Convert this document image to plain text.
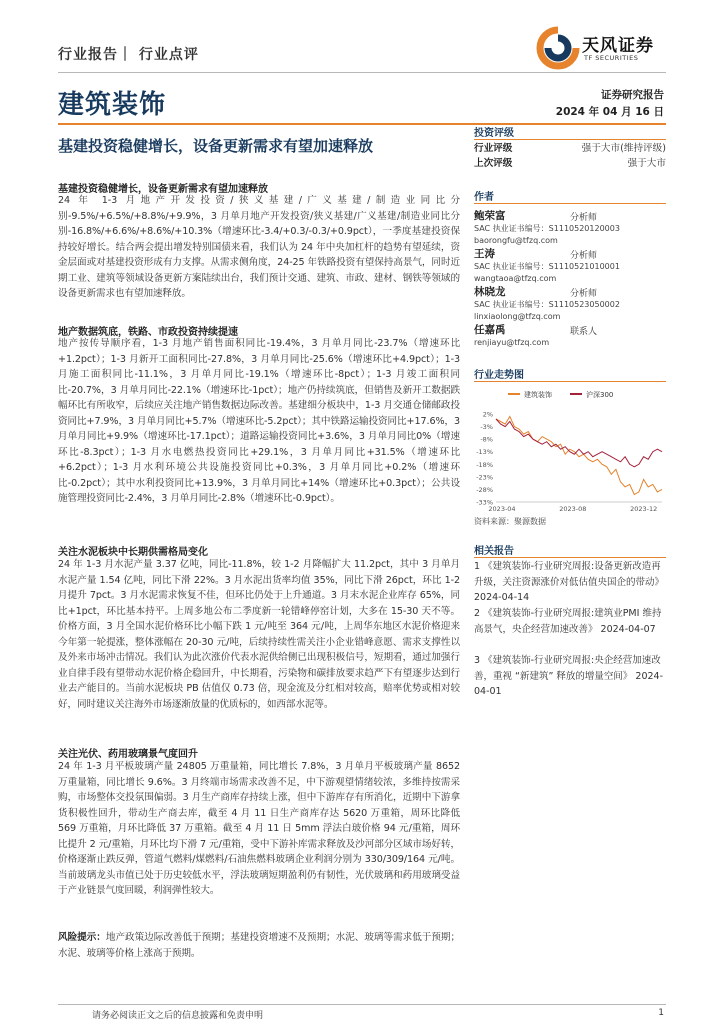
行业报告｜ 行业点评	天风证券
TF SECURITIES
建筑装饰	证券研究报告
2024 年 04 月 16 日
基建投资稳健增长，设备更新需求有望加速释放
基建投资稳健增长，设备更新需求有望加速释放
24 年 1-3 月地产开发投资/狭义基建/广义基建/制造业同比分别-9.5%/+6.5%/+8.8%/+9.9%，3 月单月地产开发投资/狭义基建/广义基建/制造业同比分别-16.8%/+6.6%/+8.6%/+10.3%（增速环比-3.4/+0.3/-0.3/+0.9pct），一季度基建投资保持较好增长。结合两会提出增发特别国债来看，我们认为 24 年中央加杠杆的趋势有望延续，资金层面或对基建投资形成有力支撑。从需求侧角度，24-25 年铁路投资有望保持高景气，同时近期工业、建筑等领域设备更新方案陆续出台，我们预计交通、建筑、市政、建材、钢铁等领域的设备更新需求也有望加速释放。
地产数据筑底，铁路、市政投资持续提速
地产按传导顺序看，1-3 月地产销售面积同比-19.4%，3 月单月同比-23.7%（增速环比+1.2pct）；1-3 月新开工面积同比-27.8%，3 月单月同比-25.6%（增速环比+4.9pct）；1-3 月施工面积同比-11.1%，3 月单月同比-19.1%（增速环比-8pct）；1-3 月竣工面积同比-20.7%，3 月单月同比-22.1%（增速环比-1pct）；地产仍持续筑底，但销售及新开工数据跌幅环比有所收窄，后续应关注地产销售数据边际改善。基建细分板块中，1-3 月交通仓储邮政投资同比+7.9%，3 月单月同比+5.7%（增速环比-5.2pct）；其中铁路运输投资同比+17.6%，3 月单月同比+9.9%（增速环比-17.1pct）；道路运输投资同比+3.6%，3 月单月同比0%（增速环比-8.3pct）；1-3 月水电燃热投资同比+29.1%，3 月单月同比+31.5%（增速环比+6.2pct）；1-3 月水利环境公共设施投资同比+0.3%，3 月单月同比+0.2%（增速环比-0.2pct）；其中水利投资同比+13.9%，3 月单月同比+14%（增速环比+0.3pct）；公共设施管理投资同比-2.4%，3 月单月同比-2.8%（增速环比-0.9pct）。
关注水泥板块中长期供需格局变化
24 年 1-3 月水泥产量 3.37 亿吨，同比-11.8%，较 1-2 月降幅扩大 11.2pct，其中 3 月单月水泥产量 1.54 亿吨，同比下滑 22%。3 月水泥出货率均值 35%，同比下滑 26pct，环比 1-2 月提升 7pct。3 月水泥需求恢复不佳，但环比仍处于上升通道。3 月末水泥企业库存 65%，同比+1pct，环比基本持平。上周多地公布二季度新一轮错峰停窑计划，大多在 15-30 天不等。价格方面，3 月全国水泥价格环比小幅下跌 1 元/吨至 364 元/吨，上周华东地区水泥价格迎来今年第一轮提涨，整体涨幅在 20-30 元/吨，后续持续性需关注小企业错峰意愿、需求支撑性以及外来市场冲击情况。我们认为此次涨价代表水泥供给侧已出现积极信号，短期看，通过加强行业自律手段有望带动水泥价格企稳回升，中长期看，污染物和碳排放要求趋严下有望逐步达到行业去产能目的。当前水泥板块 PB 估值仅 0.73 倍，现金流及分红相对较高，赔率优势或相对较好，同时建议关注海外市场逐渐放量的优质标的，如西部水泥等。
关注光伏、药用玻璃景气度回升
24 年 1-3 月平板玻璃产量 24805 万重量箱，同比增长 7.8%，3 月单月平板玻璃产量 8652 万重量箱，同比增长 9.6%。3 月终端市场需求改善不足，中下游观望情绪较浓，多维持按需采购，市场整体交投氛围偏弱。3 月生产商库存持续上涨，但中下游库存有所消化，近期中下游拿货积极性回升，带动生产商去库，截至 4 月 11 日生产商库存达 5620 万重箱，周环比降低 569 万重箱，月环比降低 37 万重箱。截至 4 月 11 日 5mm 浮法白玻价格 94 元/重箱，周环比提升 2 元/重箱，月环比均下滑 7 元/重箱，受中下游补库需求释放及沙河部分区域市场好转，价格逐渐止跌反弹，管道气燃料/煤燃料/石油焦燃料玻璃企业利润分别为 330/309/164 元/吨。当前玻璃龙头市值已处于历史较低水平，浮法玻璃短期盈利仍有韧性，光伏玻璃和药用玻璃受益于产业链景气度回暖，利润弹性较大。
风险提示：地产政策边际改善低于预期；基建投资增速不及预期；水泥、玻璃等需求低于预期；水泥、玻璃等价格上涨高于预期。
投资评级
行业评级	强于大市(维持评级)
上次评级	强于大市
作者
鲍荣富	分析师
SAC 执业证书编号：S1110520120003
baorongfu@tfzq.com
王涛	分析师
SAC 执业证书编号：S1110521010001
wangtaoa@tfzq.com
林晓龙	分析师
SAC 执业证书编号：S1110523050002
linxiaolong@tfzq.com
任嘉禹	联系人
renjiayu@tfzq.com
行业走势图
建筑装饰	沪深300
2%
-3%
-8%
-13%
-18%
-23%
-28%
-33%
2023-04	2023-08	2023-12
资料来源：聚源数据
相关报告
1 《建筑装饰-行业研究周报:设备更新改造再升级，关注资源涨价对低估值央国企的带动》 2024-04-14
2 《建筑装饰-行业研究周报:建筑业PMI 维持高景气，央企经营加速改善》 2024-04-07
3 《建筑装饰-行业研究周报:央企经营加速改善，重视 “新建筑” 释放的增量空间》 2024-04-01
请务必阅读正文之后的信息披露和免责申明	1
